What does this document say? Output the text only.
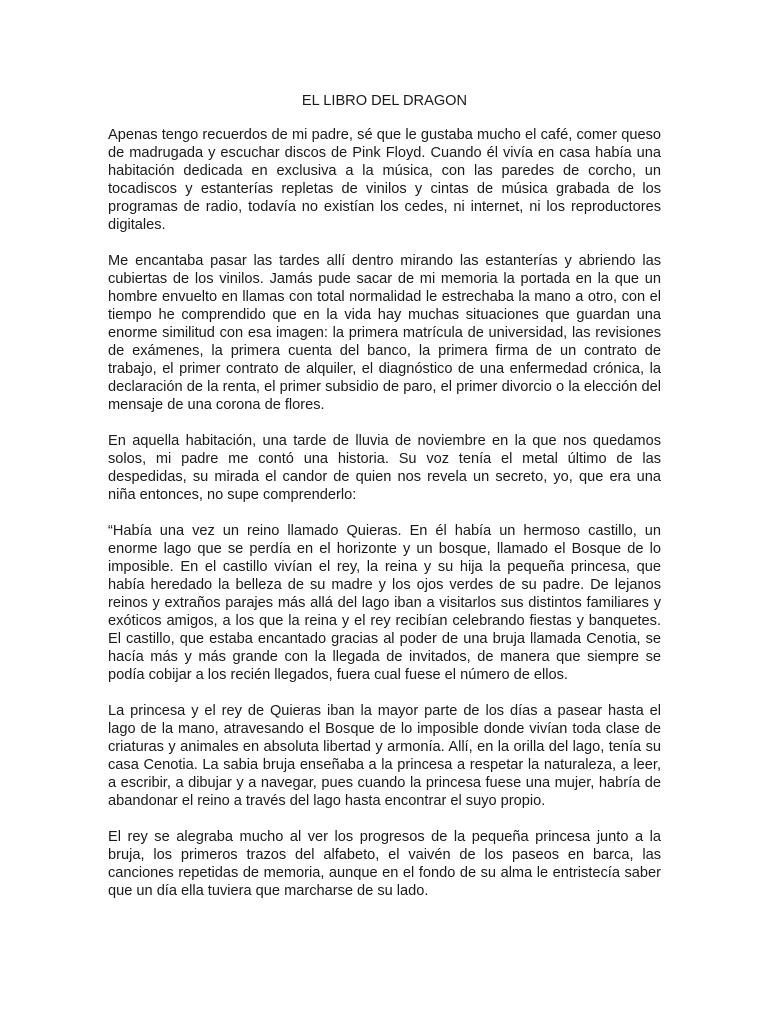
EL LIBRO DEL DRAGON

Apenas tengo recuerdos de mi padre, sé que le gustaba mucho el café, comer queso de madrugada y escuchar discos de Pink Floyd. Cuando él vivía en casa había una habitación dedicada en exclusiva a la música, con las paredes de corcho, un tocadiscos y estanterías repletas de vinilos y cintas de música grabada de los programas de radio, todavía no existían los cedes, ni internet, ni los reproductores digitales.

Me encantaba pasar las tardes allí dentro mirando las estanterías y abriendo las cubiertas de los vinilos. Jamás pude sacar de mi memoria la portada en la que un hombre envuelto en llamas con total normalidad le estrechaba la mano a otro, con el tiempo he comprendido que en la vida hay muchas situaciones que guardan una enorme similitud con esa imagen: la primera matrícula de universidad, las revisiones de exámenes, la primera cuenta del banco, la primera firma de un contrato de trabajo, el primer contrato de alquiler, el diagnóstico de una enfermedad crónica, la declaración de la renta, el primer subsidio de paro, el primer divorcio o la elección del mensaje de una corona de flores.

En aquella habitación, una tarde de lluvia de noviembre en la que nos quedamos solos, mi padre me contó una historia. Su voz tenía el metal último de las despedidas, su mirada el candor de quien nos revela un secreto, yo, que era una niña entonces, no supe comprenderlo:

“Había una vez un reino llamado Quieras. En él había un hermoso castillo, un enorme lago que se perdía en el horizonte y un bosque, llamado el Bosque de lo imposible. En el castillo vivían el rey, la reina y su hija la pequeña princesa, que había heredado la belleza de su madre y los ojos verdes de su padre. De lejanos reinos y extraños parajes más allá del lago iban a visitarlos sus distintos familiares y exóticos amigos, a los que la reina y el rey recibían celebrando fiestas y banquetes. El castillo, que estaba encantado gracias al poder de una bruja llamada Cenotia, se hacía más y más grande con la llegada de invitados, de manera que siempre se podía cobijar a los recién llegados, fuera cual fuese el número de ellos.

La princesa y el rey de Quieras iban la mayor parte de los días a pasear hasta el lago de la mano, atravesando el Bosque de lo imposible donde vivían toda clase de criaturas y animales en absoluta libertad y armonía. Allí, en la orilla del lago, tenía su casa Cenotia. La sabia bruja enseñaba a la princesa a respetar la naturaleza, a leer, a escribir, a dibujar y a navegar, pues cuando la princesa fuese una mujer, habría de abandonar el reino a través del lago hasta encontrar el suyo propio.

El rey se alegraba mucho al ver los progresos de la pequeña princesa junto a la bruja, los primeros trazos del alfabeto, el vaivén de los paseos en barca, las canciones repetidas de memoria, aunque en el fondo de su alma le entristecía saber que un día ella tuviera que marcharse de su lado.
